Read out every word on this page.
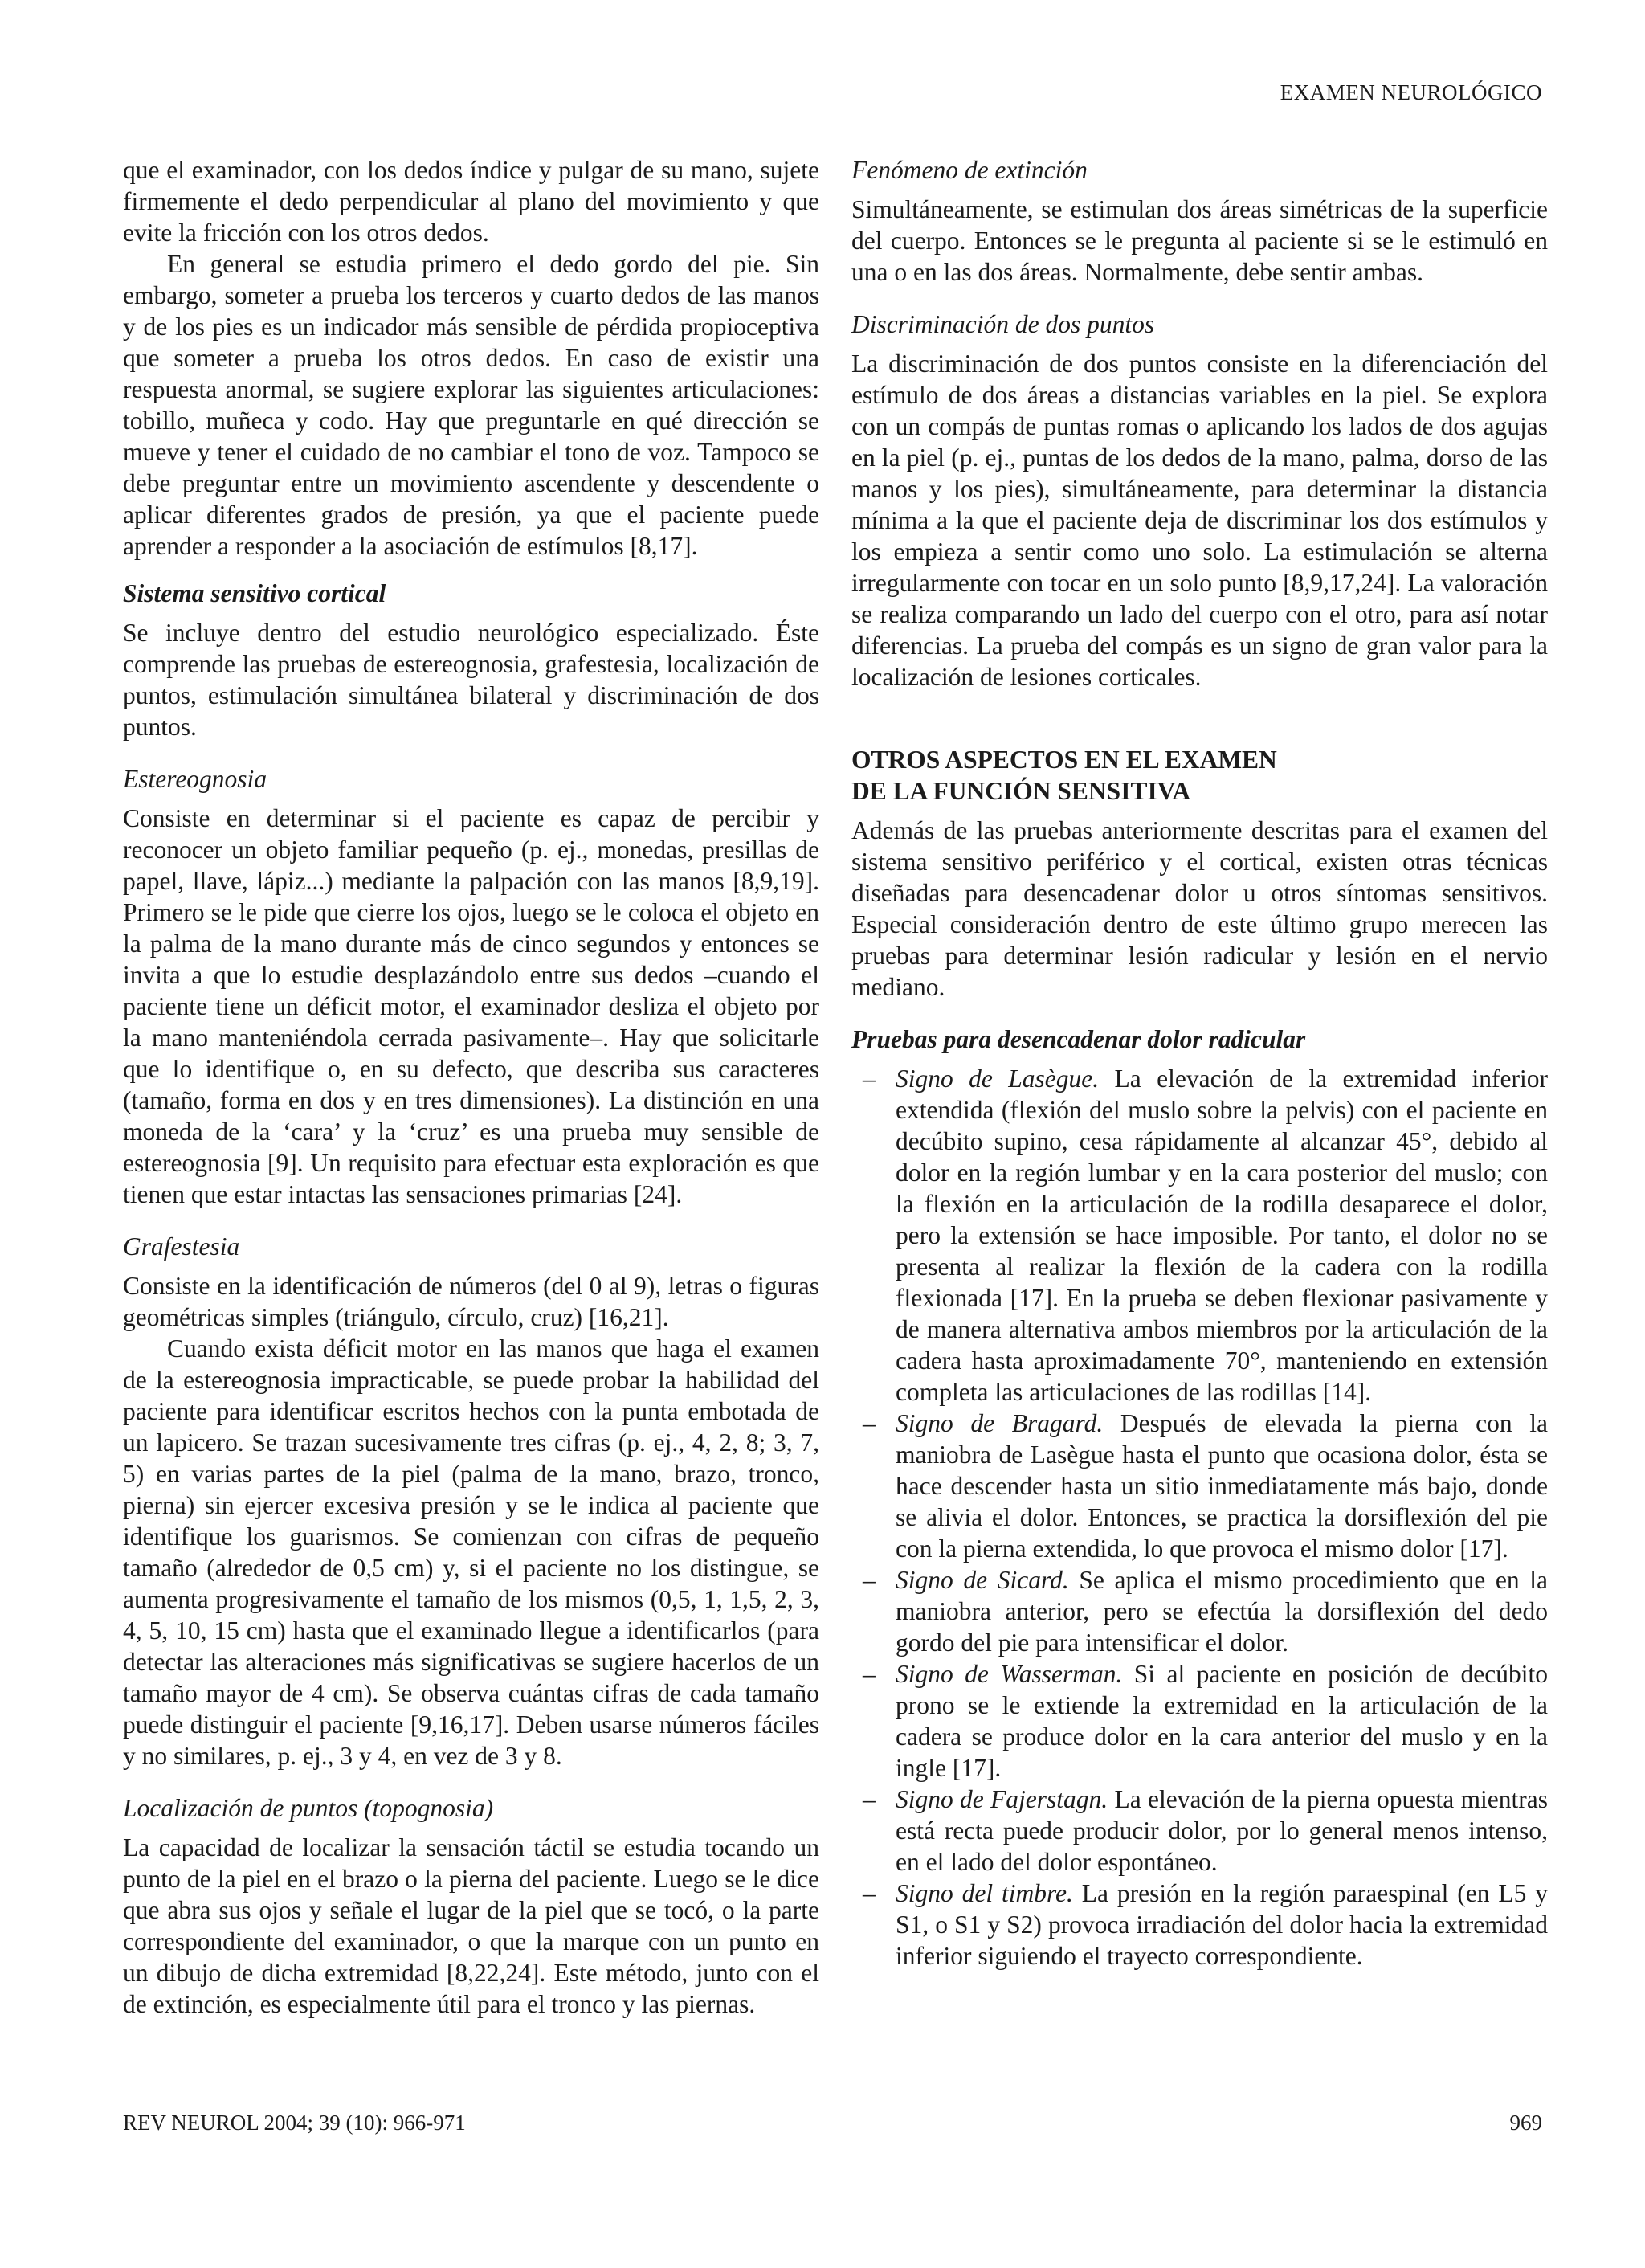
EXAMEN NEUROLÓGICO

que el examinador, con los dedos índice y pulgar de su mano, sujete firmemente el dedo perpendicular al plano del movimiento y que evite la fricción con los otros dedos.

En general se estudia primero el dedo gordo del pie. Sin embargo, someter a prueba los terceros y cuarto dedos de las manos y de los pies es un indicador más sensible de pérdida propioceptiva que someter a prueba los otros dedos. En caso de existir una respuesta anormal, se sugiere explorar las siguientes articulaciones: tobillo, muñeca y codo. Hay que preguntarle en qué dirección se mueve y tener el cuidado de no cambiar el tono de voz. Tampoco se debe preguntar entre un movimiento ascendente y descendente o aplicar diferentes grados de presión, ya que el paciente puede aprender a responder a la asociación de estímulos [8,17].

Sistema sensitivo cortical

Se incluye dentro del estudio neurológico especializado. Éste comprende las pruebas de estereognosia, grafestesia, localización de puntos, estimulación simultánea bilateral y discriminación de dos puntos.

Estereognosia

Consiste en determinar si el paciente es capaz de percibir y reconocer un objeto familiar pequeño (p. ej., monedas, presillas de papel, llave, lápiz...) mediante la palpación con las manos [8,9,19]. Primero se le pide que cierre los ojos, luego se le coloca el objeto en la palma de la mano durante más de cinco segundos y entonces se invita a que lo estudie desplazándolo entre sus dedos –cuando el paciente tiene un déficit motor, el examinador desliza el objeto por la mano manteniéndola cerrada pasivamente–. Hay que solicitarle que lo identifique o, en su defecto, que describa sus caracteres (tamaño, forma en dos y en tres dimensiones). La distinción en una moneda de la ‘cara’ y la ‘cruz’ es una prueba muy sensible de estereognosia [9]. Un requisito para efectuar esta exploración es que tienen que estar intactas las sensaciones primarias [24].

Grafestesia

Consiste en la identificación de números (del 0 al 9), letras o figuras geométricas simples (triángulo, círculo, cruz) [16,21].

Cuando exista déficit motor en las manos que haga el examen de la estereognosia impracticable, se puede probar la habilidad del paciente para identificar escritos hechos con la punta embotada de un lapicero. Se trazan sucesivamente tres cifras (p. ej., 4, 2, 8; 3, 7, 5) en varias partes de la piel (palma de la mano, brazo, tronco, pierna) sin ejercer excesiva presión y se le indica al paciente que identifique los guarismos. Se comienzan con cifras de pequeño tamaño (alrededor de 0,5 cm) y, si el paciente no los distingue, se aumenta progresivamente el tamaño de los mismos (0,5, 1, 1,5, 2, 3, 4, 5, 10, 15 cm) hasta que el examinado llegue a identificarlos (para detectar las alteraciones más significativas se sugiere hacerlos de un tamaño mayor de 4 cm). Se observa cuántas cifras de cada tamaño puede distinguir el paciente [9,16,17]. Deben usarse números fáciles y no similares, p. ej., 3 y 4, en vez de 3 y 8.

Localización de puntos (topognosia)

La capacidad de localizar la sensación táctil se estudia tocando un punto de la piel en el brazo o la pierna del paciente. Luego se le dice que abra sus ojos y señale el lugar de la piel que se tocó, o la parte correspondiente del examinador, o que la marque con un punto en un dibujo de dicha extremidad [8,22,24]. Este método, junto con el de extinción, es especialmente útil para el tronco y las piernas.

Fenómeno de extinción

Simultáneamente, se estimulan dos áreas simétricas de la superficie del cuerpo. Entonces se le pregunta al paciente si se le estimuló en una o en las dos áreas. Normalmente, debe sentir ambas.

Discriminación de dos puntos

La discriminación de dos puntos consiste en la diferenciación del estímulo de dos áreas a distancias variables en la piel. Se explora con un compás de puntas romas o aplicando los lados de dos agujas en la piel (p. ej., puntas de los dedos de la mano, palma, dorso de las manos y los pies), simultáneamente, para determinar la distancia mínima a la que el paciente deja de discriminar los dos estímulos y los empieza a sentir como uno solo. La estimulación se alterna irregularmente con tocar en un solo punto [8,9,17,24]. La valoración se realiza comparando un lado del cuerpo con el otro, para así notar diferencias. La prueba del compás es un signo de gran valor para la localización de lesiones corticales.

OTROS ASPECTOS EN EL EXAMEN
DE LA FUNCIÓN SENSITIVA

Además de las pruebas anteriormente descritas para el examen del sistema sensitivo periférico y el cortical, existen otras técnicas diseñadas para desencadenar dolor u otros síntomas sensitivos. Especial consideración dentro de este último grupo merecen las pruebas para determinar lesión radicular y lesión en el nervio mediano.

Pruebas para desencadenar dolor radicular
– Signo de Lasègue. La elevación de la extremidad inferior extendida (flexión del muslo sobre la pelvis) con el paciente en decúbito supino, cesa rápidamente al alcanzar 45°, debido al dolor en la región lumbar y en la cara posterior del muslo; con la flexión en la articulación de la rodilla desaparece el dolor, pero la extensión se hace imposible. Por tanto, el dolor no se presenta al realizar la flexión de la cadera con la rodilla flexionada [17]. En la prueba se deben flexionar pasivamente y de manera alternativa ambos miembros por la articulación de la cadera hasta aproximadamente 70°, manteniendo en extensión completa las articulaciones de las rodillas [14].
– Signo de Bragard. Después de elevada la pierna con la maniobra de Lasègue hasta el punto que ocasiona dolor, ésta se hace descender hasta un sitio inmediatamente más bajo, donde se alivia el dolor. Entonces, se practica la dorsiflexión del pie con la pierna extendida, lo que provoca el mismo dolor [17].
– Signo de Sicard. Se aplica el mismo procedimiento que en la maniobra anterior, pero se efectúa la dorsiflexión del dedo gordo del pie para intensificar el dolor.
– Signo de Wasserman. Si al paciente en posición de decúbito prono se le extiende la extremidad en la articulación de la cadera se produce dolor en la cara anterior del muslo y en la ingle [17].
– Signo de Fajerstagn. La elevación de la pierna opuesta mientras está recta puede producir dolor, por lo general menos intenso, en el lado del dolor espontáneo.
– Signo del timbre. La presión en la región paraespinal (en L5 y S1, o S1 y S2) provoca irradiación del dolor hacia la extremidad inferior siguiendo el trayecto correspondiente.
REV NEUROL 2004; 39 (10): 966-971	969
